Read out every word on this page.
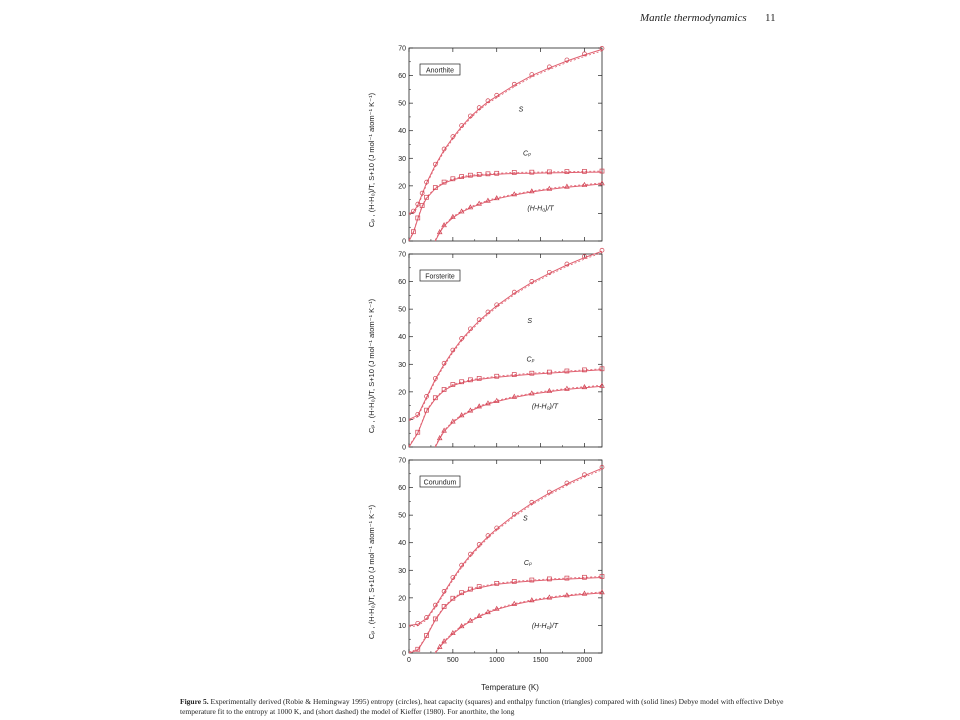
Mantle thermodynamics 11
Cₚ , (H-H₀)/T, S+10 (J mol⁻¹ atom⁻¹ K⁻¹)
Cₚ , (H-H₀)/T, S+10 (J mol⁻¹ atom⁻¹ K⁻¹)
Cₚ , (H-H₀)/T, S+10 (J mol⁻¹ atom⁻¹ K⁻¹)
0
10
20
30
40
50
60
70
Anorthite
S
Cₚ
(H-H₀)/T
0
10
20
30
40
50
60
70
Forsterite
S
Cₚ
(H-H₀)/T
0
10
20
30
40
50
60
70
0	500	1000	1500	2000
Corundum
S
Cₚ
(H-H₀)/T
Temperature (K)
Figure 5. Experimentally derived (Robie & Hemingway 1995) entropy (circles), heat capacity (squares) and enthalpy function (triangles) compared with (solid lines) Debye model with effective Debye temperature fit to the entropy at 1000 K, and (short dashed) the model of Kieffer (1980). For anorthite, the long
